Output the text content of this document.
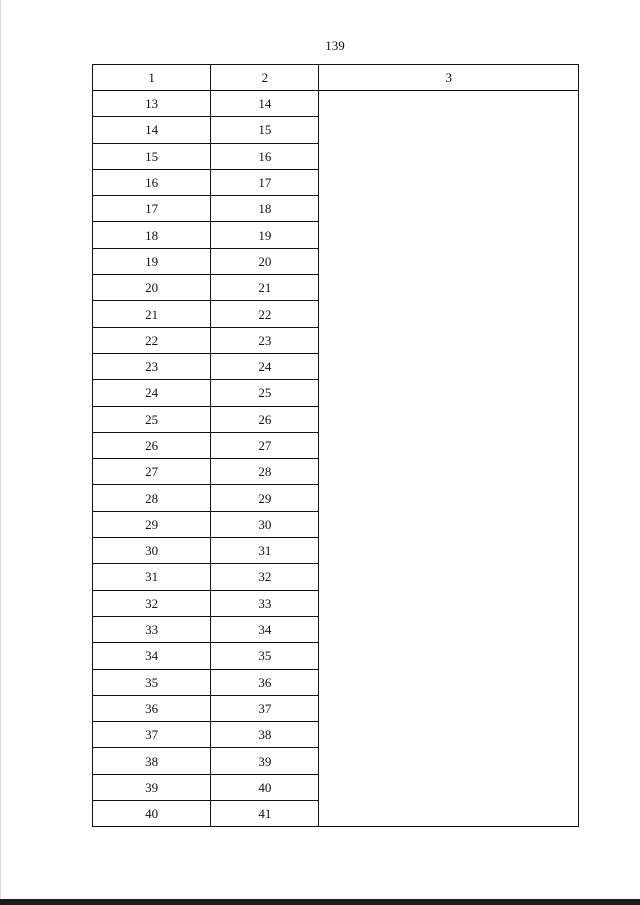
139
1	2	3
13	14	
14	15	
15	16	
16	17	
17	18	
18	19	
19	20	
20	21	
21	22	
22	23	
23	24	
24	25	
25	26	
26	27	
27	28	
28	29	
29	30	
30	31	
31	32	
32	33	
33	34	
34	35	
35	36	
36	37	
37	38	
38	39	
39	40	
40	41	
